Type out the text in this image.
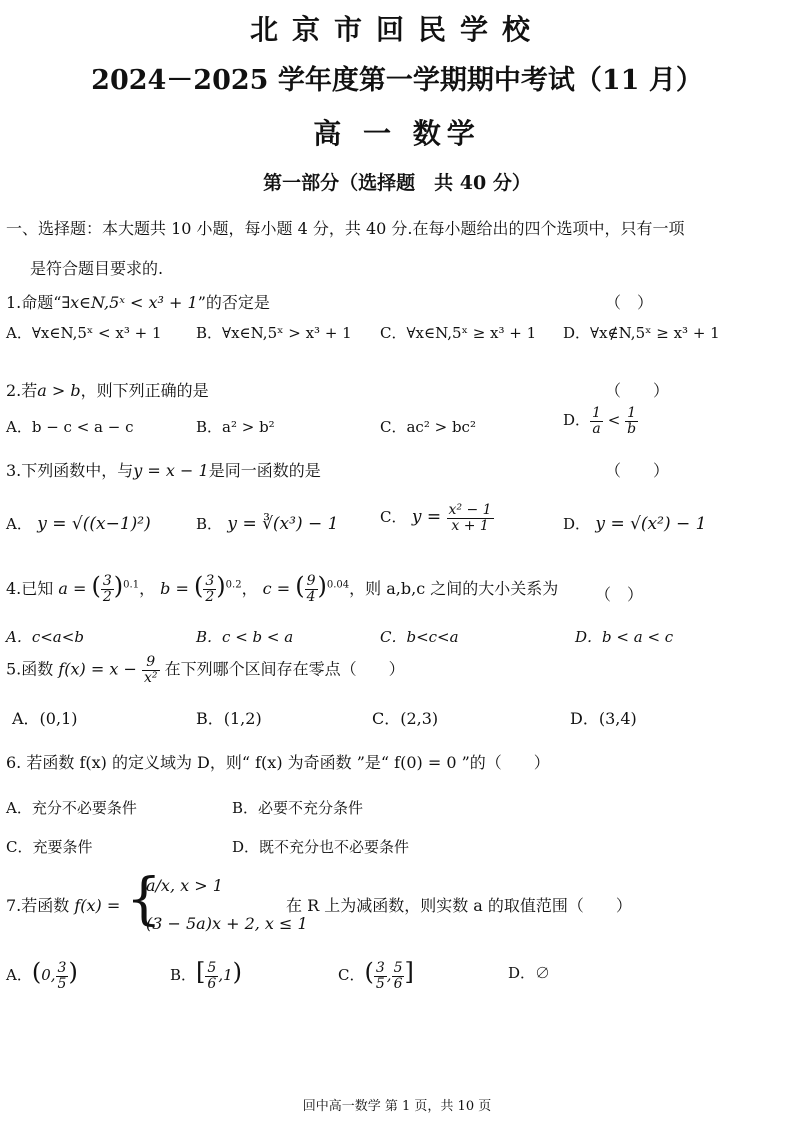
北京市回民学校
2024－2025 学年度第一学期期中考试（11 月）
高 一 数学
第一部分（选择题　共 40 分）
一、选择题：本大题共 10 小题，每小题 4 分，共 40 分.在每小题给出的四个选项中，只有一项
是符合题目要求的.
1.命题“∃x∈N,5ˣ < x³ + 1”的否定是	（　）
A．∀x∈N,5ˣ < x³ + 1 B．∀x∈N,5ˣ > x³ + 1 C．∀x∈N,5ˣ ≥ x³ + 1 D．∀x∉N,5ˣ ≥ x³ + 1
2.若a > b，则下列正确的是	（　　）
A．b − c < a − c	B．a² > b²	C．ac² > bc²	D． $\frac{1}{a} < \frac{1}{b}$
3.下列函数中，与y = x − 1是同一函数的是	（　　）
A． y = √((x−1)²)	B． y = ∛(x³) − 1	C． $y = \frac{\text{x² − 1}}{x + 1}$	D． y = √(x²) − 1
4.已知 a = ( $\frac{3}{2} )^{0.1}$， b = ( $\frac{3}{2} )^{0.2}$， c = ( $\frac{9}{4} )^{0.04}$，则 a,b,c 之间的大小关系为 （　）
A．c<a<b	B．c < b < a	C．b<c<a	D．b < a < c
5.函数 $f(x) = x - \frac{9}{\text{x²}}$ 在下列哪个区间存在零点（　　）
A．(0,1)	B．(1,2)	C．(2,3)	D．(3,4)
6. 若函数 f(x) 的定义域为 D，则“ f(x) 为奇函数 ”是“ f(0) = 0 ”的（　　）
A．充分不必要条件	B．必要不充分条件
C．充要条件	D．既不充分也不必要条件
7.若函数 f(x) = {
a/x, x > 1
(3 − 5a)x + 2, x ≤ 1
在 R 上为减函数，则实数 a 的取值范围（　　）
A．(0, $\frac{3}{5}$ )	B．[ $\frac{5}{6} ,1$)	C．( $\frac{3}{5}$ , $\frac{5}{6}$ ]	D．∅
回中高一数学 第 1 页，共 10 页
